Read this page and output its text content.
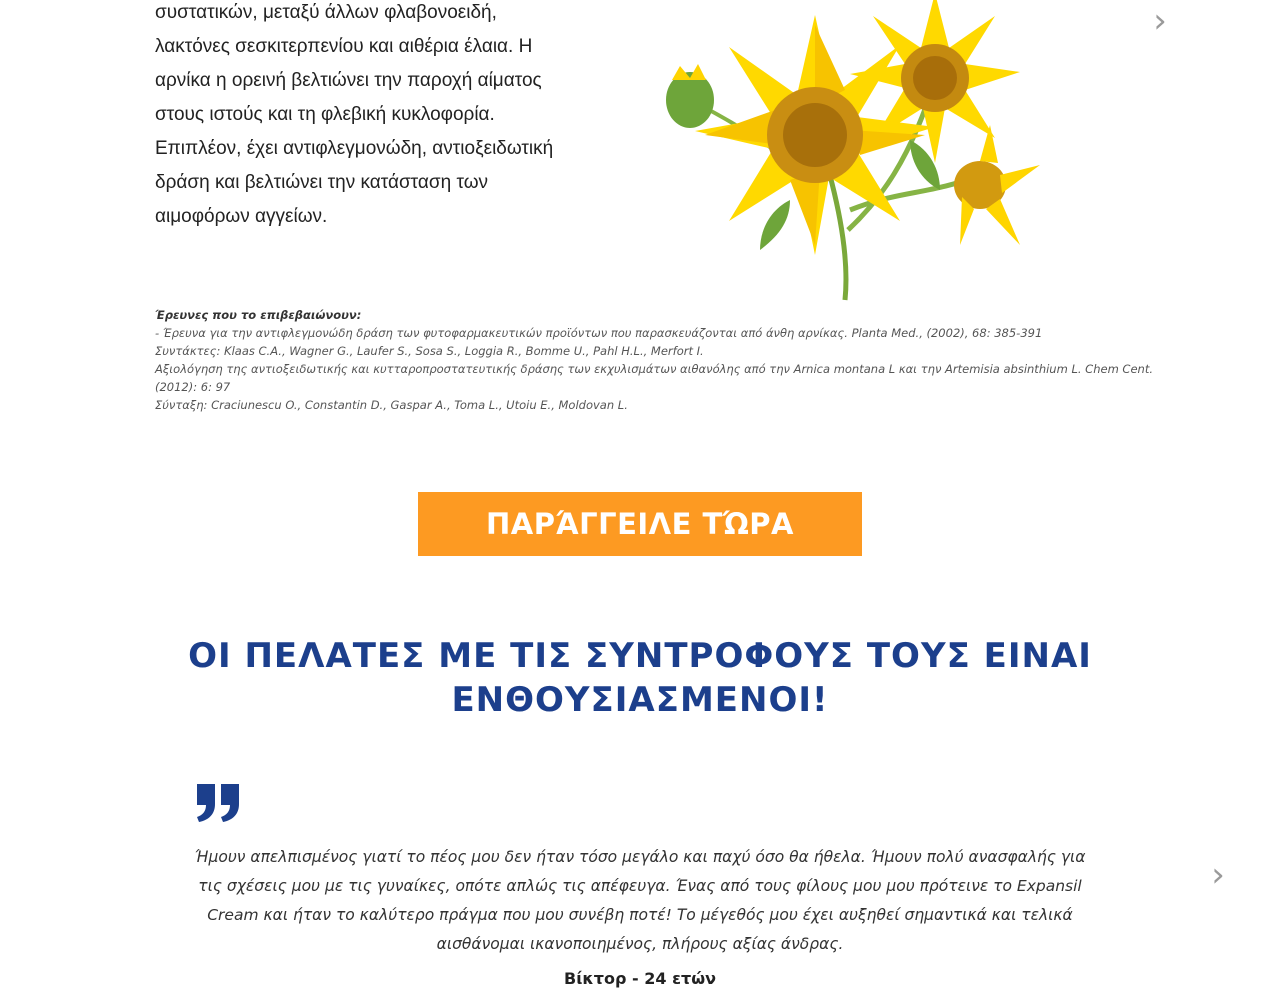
συστατικών, μεταξύ άλλων φλαβονοειδή, λακτόνες σεσκιτερπενίου και αιθέρια έλαια. Η αρνίκα η ορεινή βελτιώνει την παροχή αίματος στους ιστούς και τη φλεβική κυκλοφορία. Επιπλέον, έχει αντιφλεγμονώδη, αντιοξειδωτική δράση και βελτιώνει την κατάσταση των αιμοφόρων αγγείων.

›
Έρευνες που το επιβεβαιώνουν:
- Έρευνα για την αντιφλεγμονώδη δράση των φυτοφαρμακευτικών προϊόντων που παρασκευάζονται από άνθη αρνίκας. Planta Med., (2002), 68: 385-391
Συντάκτες: Klaas C.A., Wagner G., Laufer S., Sosa S., Loggia R., Bomme U., Pahl H.L., Merfort I.
Αξιολόγηση της αντιοξειδωτικής και κυτταροπροστατευτικής δράσης των εκχυλισμάτων αιθανόλης από την Arnica montana L και την Artemisia absinthium L. Chem Cent.
(2012): 6: 97
Σύνταξη: Craciunescu O., Constantin D., Gaspar A., Toma L., Utoiu E., Moldovan L.
ΠΑΡΆΓΓΕΙΛΕ ΤΏΡΑ
ΟΙ ΠΕΛΑΤΕΣ ΜΕ ΤΙΣ ΣΥΝΤΡΟΦΟΥΣ ΤΟΥΣ ΕΙΝΑΙ
ΕΝΘΟΥΣΙΑΣΜΕΝΟΙ!

Ήμουν απελπισμένος γιατί το πέος μου δεν ήταν τόσο μεγάλο και παχύ όσο θα ήθελα. Ήμουν πολύ ανασφαλής για τις σχέσεις μου με τις γυναίκες, οπότε απλώς τις απέφευγα. Ένας από τους φίλους μου μου πρότεινε το Expansil Cream και ήταν το καλύτερο πράγμα που μου συνέβη ποτέ! Το μέγεθός μου έχει αυξηθεί σημαντικά και τελικά αισθάνομαι ικανοποιημένος, πλήρους αξίας άνδρας.

Βίκτορ - 24 ετών
›
